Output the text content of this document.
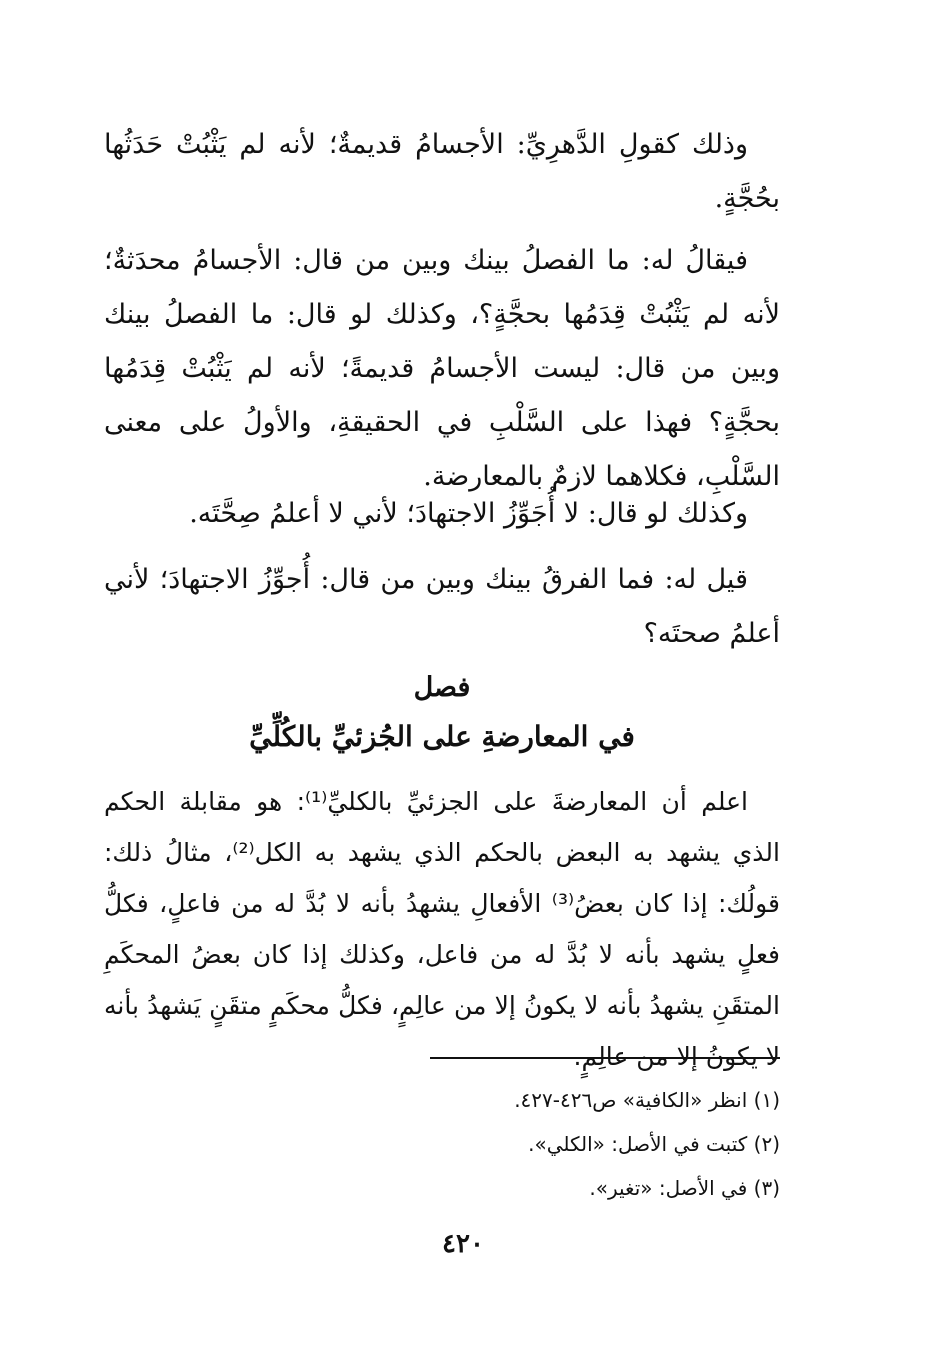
وذلك كقولِ الدَّهرِيِّ: الأجسامُ قديمةٌ؛ لأنه لم يَثْبُتْ حَدَثُها بحُجَّةٍ.

فيقالُ له: ما الفصلُ بينك وبين من قال: الأجسامُ محدَثةٌ؛ لأنه لم يَثْبُتْ قِدَمُها بحجَّةٍ؟، وكذلك لو قال: ما الفصلُ بينك وبين من قال: ليست الأجسامُ قديمةً؛ لأنه لم يَثْبُتْ قِدَمُها بحجَّةٍ؟ فهذا على السَّلْبِ في الحقيقةِ، والأولُ على معنى السَّلْبِ، فكلاهما لازمٌ بالمعارضة.

وكذلك لو قال: لا أُجَوِّزُ الاجتهادَ؛ لأني لا أعلمُ صِحَّتَه.

قيل له: فما الفرقُ بينك وبين من قال: أُجوِّزُ الاجتهادَ؛ لأني أعلمُ صحتَه؟

فصل
في المعارضةِ على الجُزئيِّ بالكُلِّيِّ

اعلم أن المعارضةَ على الجزئيِّ بالكليِّ⁽¹⁾: هو مقابلة الحكم الذي يشهد به البعض بالحكم الذي يشهد به الكل⁽²⁾، مثالُ ذلك: قولُك: إذا كان بعضُ⁽³⁾ الأفعالِ يشهدُ بأنه لا بُدَّ له من فاعلٍ، فكلُّ فعلٍ يشهد بأنه لا بُدَّ له من فاعل، وكذلك إذا كان بعضُ المحكَمِ المتقَنِ يشهدُ بأنه لا يكونُ إلا من عالِمٍ، فكلُّ محكَمٍ متقَنٍ يَشهدُ بأنه لا يكونُ إلا من عالِمٍ.

(١) انظر «الكافية» ص٤٢٦-٤٢٧.

(٢) كتبت في الأصل: «الكلي».

(٣) في الأصل: «تغير».

٤٢٠
